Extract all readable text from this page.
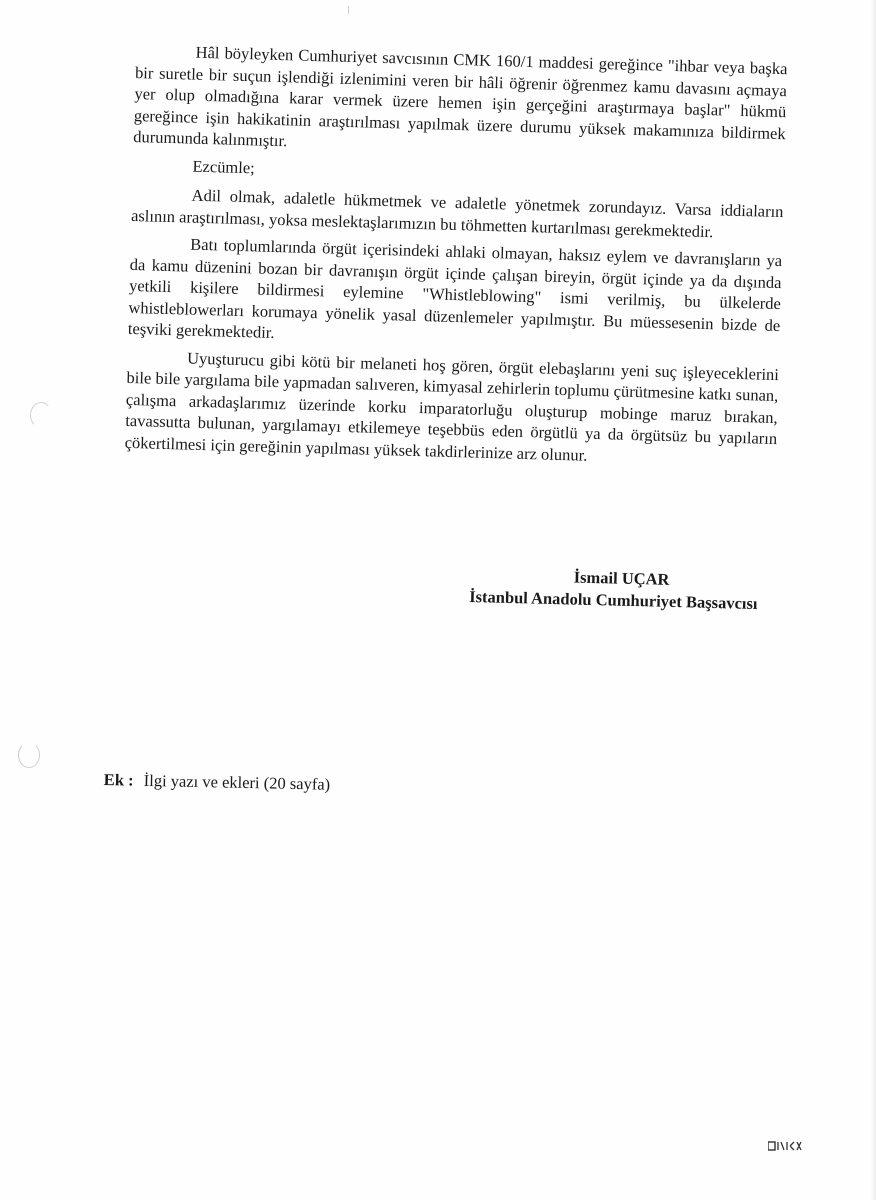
Hâl böyleyken Cumhuriyet savcısının CMK 160/1 maddesi gereğince "ihbar veya başka bir suretle bir suçun işlendiği izlenimini veren bir hâli öğrenir öğrenmez kamu davasını açmaya yer olup olmadığına karar vermek üzere hemen işin gerçeğini araştırmaya başlar" hükmü gereğince işin hakikatinin araştırılması yapılmak üzere durumu yüksek makamınıza bildirmek durumunda kalınmıştır.

Ezcümle;

Adil olmak, adaletle hükmetmek ve adaletle yönetmek zorundayız. Varsa iddiaların aslının araştırılması, yoksa meslektaşlarımızın bu töhmetten kurtarılması gerekmektedir.

Batı toplumlarında örgüt içerisindeki ahlaki olmayan, haksız eylem ve davranışların ya da kamu düzenini bozan bir davranışın örgüt içinde çalışan bireyin, örgüt içinde ya da dışında yetkili kişilere bildirmesi eylemine "Whistleblowing" ismi verilmiş, bu ülkelerde whistleblowerları korumaya yönelik yasal düzenlemeler yapılmıştır. Bu müessesenin bizde de teşviki gerekmektedir.

Uyuşturucu gibi kötü bir melaneti hoş gören, örgüt elebaşlarını yeni suç işleyeceklerini bile bile yargılama bile yapmadan salıveren, kimyasal zehirlerin toplumu çürütmesine katkı sunan, çalışma arkadaşlarımız üzerinde korku imparatorluğu oluşturup mobinge maruz bırakan, tavassutta bulunan, yargılamayı etkilemeye teşebbüs eden örgütlü ya da örgütsüz bu yapıların çökertilmesi için gereğinin yapılması yüksek takdirlerinize arz olunur.

İsmail UÇAR
İstanbul Anadolu Cumhuriyet Başsavcısı
Ek : İlgi yazı ve ekleri (20 sayfa)
